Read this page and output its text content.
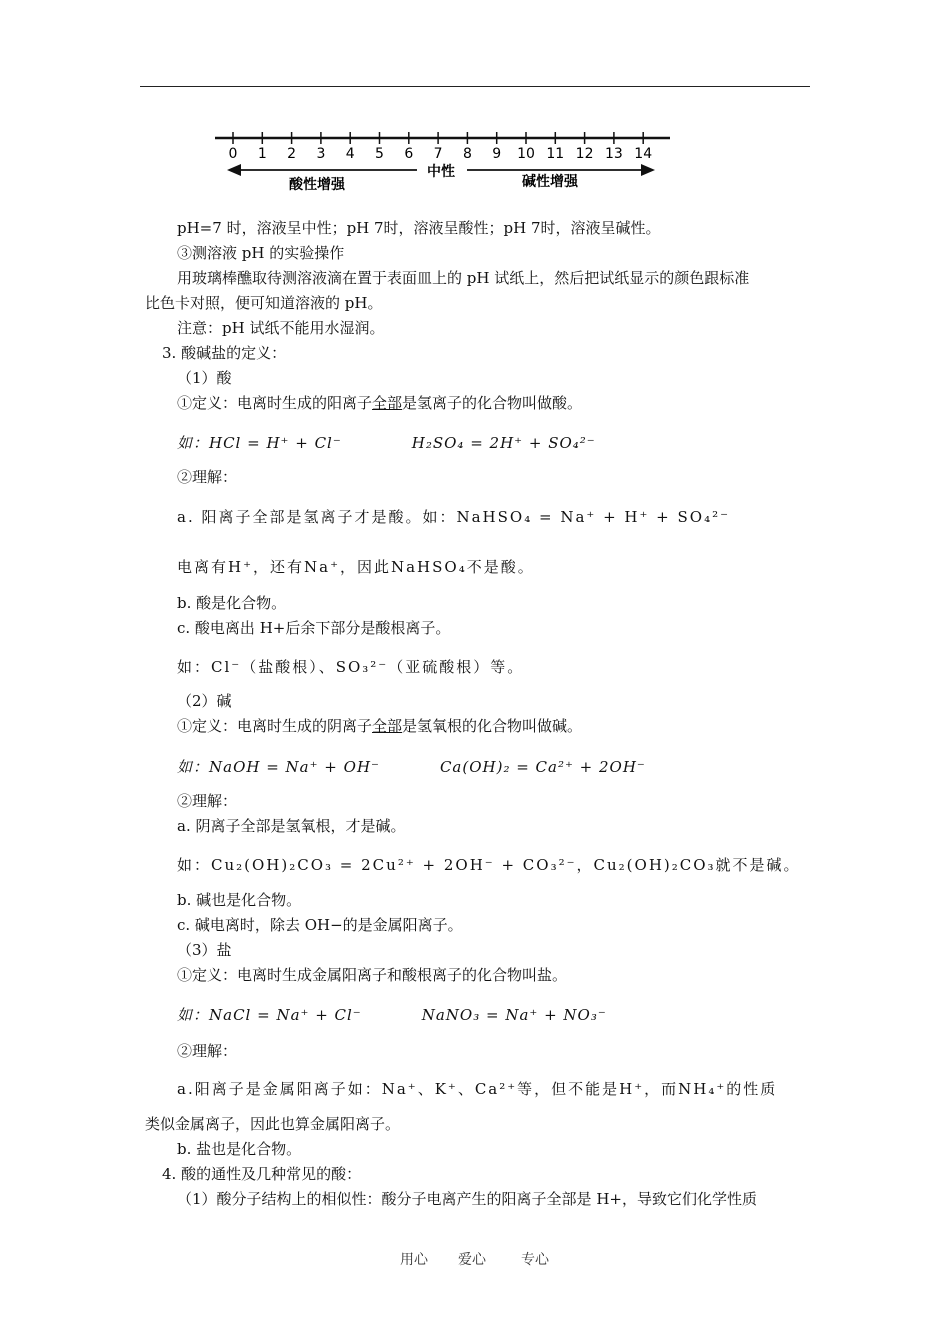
0 1 2 3 4 5 6 7 8 9 10 11 12 13 14
中性
酸性增强	碱性增强
pH=7 时，溶液呈中性；pH 7时，溶液呈酸性；pH 7时，溶液呈碱性。
③测溶液 pH 的实验操作
用玻璃棒醮取待测溶液滴在置于表面皿上的 pH 试纸上，然后把试纸显示的颜色跟标准
比色卡对照，便可知道溶液的 pH。
注意：pH 试纸不能用水湿润。
3. 酸碱盐的定义：
（1）酸
①定义：电离时生成的阳离子全部是氢离子的化合物叫做酸。
如：HCl = H⁺ + Cl⁻	H₂SO₄ = 2H⁺ + SO₄²⁻
②理解：
a. 阳离子全部是氢离子才是酸。如：NaHSO₄ = Na⁺ + H⁺ + SO₄²⁻
电离有H⁺，还有Na⁺，因此NaHSO₄不是酸。
b. 酸是化合物。
c. 酸电离出 H+后余下部分是酸根离子。
如：Cl⁻（盐酸根）、SO₃²⁻（亚硫酸根）等。
（2）碱
①定义：电离时生成的阴离子全部是氢氧根的化合物叫做碱。
如：NaOH = Na⁺ + OH⁻	Ca(OH)₂ = Ca²⁺ + 2OH⁻
②理解：
a. 阴离子全部是氢氧根，才是碱。
如：Cu₂(OH)₂CO₃ = 2Cu²⁺ + 2OH⁻ + CO₃²⁻，Cu₂(OH)₂CO₃就不是碱。
b. 碱也是化合物。
c. 碱电离时，除去 OH−的是金属阳离子。
（3）盐
①定义：电离时生成金属阳离子和酸根离子的化合物叫盐。
如：NaCl = Na⁺ + Cl⁻	NaNO₃ = Na⁺ + NO₃⁻
②理解：
a.阳离子是金属阳离子如：Na⁺、K⁺、Ca²⁺等，但不能是H⁺，而NH₄⁺的性质
类似金属离子，因此也算金属阳离子。
b. 盐也是化合物。
4. 酸的通性及几种常见的酸：
（1）酸分子结构上的相似性：酸分子电离产生的阳离子全部是 H+，导致它们化学性质
用心 爱心	专心
